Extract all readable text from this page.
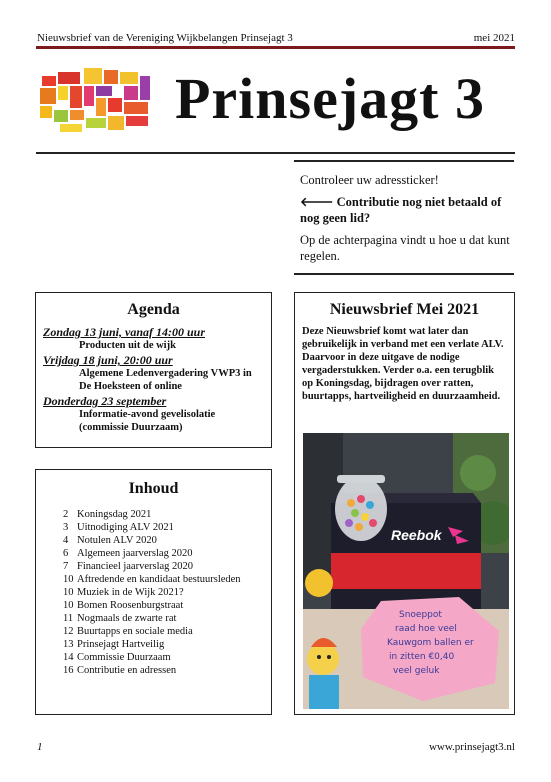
Nieuwsbrief van de Vereniging Wijkbelangen Prinsejagt 3	mei 2021
Prinsejagt 3

Controleer uw adressticker!

🡐 Contributie nog niet betaald of nog geen lid?

Op de achterpagina vindt u hoe u dat kunt regelen.

Agenda
Zondag 13 juni, vanaf 14:00 uur
Producten uit de wijk
Vrijdag 18 juni, 20:00 uur
Algemene Ledenvergadering VWP3 in De Hoeksteen of online
Donderdag 23 september
Informatie-avond gevelisolatie (commissie Duurzaam)
Inhoud
2 Koningsdag 2021
3 Uitnodiging ALV 2021
4 Notulen ALV 2020
6 Algemeen jaarverslag 2020
7 Financieel jaarverslag 2020
10 Aftredende en kandidaat bestuursleden
10 Muziek in de Wijk 2021?
10 Bomen Roosenburgstraat
11 Nogmaals de zwarte rat
12 Buurtapps en sociale media
13 Prinsejagt Hartveilig
14 Commissie Duurzaam
16 Contributie en adressen
Nieuwsbrief Mei 2021

Deze Nieuwsbrief komt wat later dan gebruikelijk in verband met een verlate ALV. Daarvoor in deze uitgave de nodige vergaderstukken. Verder o.a. een terugblik op Koningsdag, bijdragen over ratten, buurtapps, hartveiligheid en duurzaamheid.

Reebok
Snoeppot raad hoe veel Kauwgom ballen er in zitten €0,40 veel geluk
1	www.prinsejagt3.nl
